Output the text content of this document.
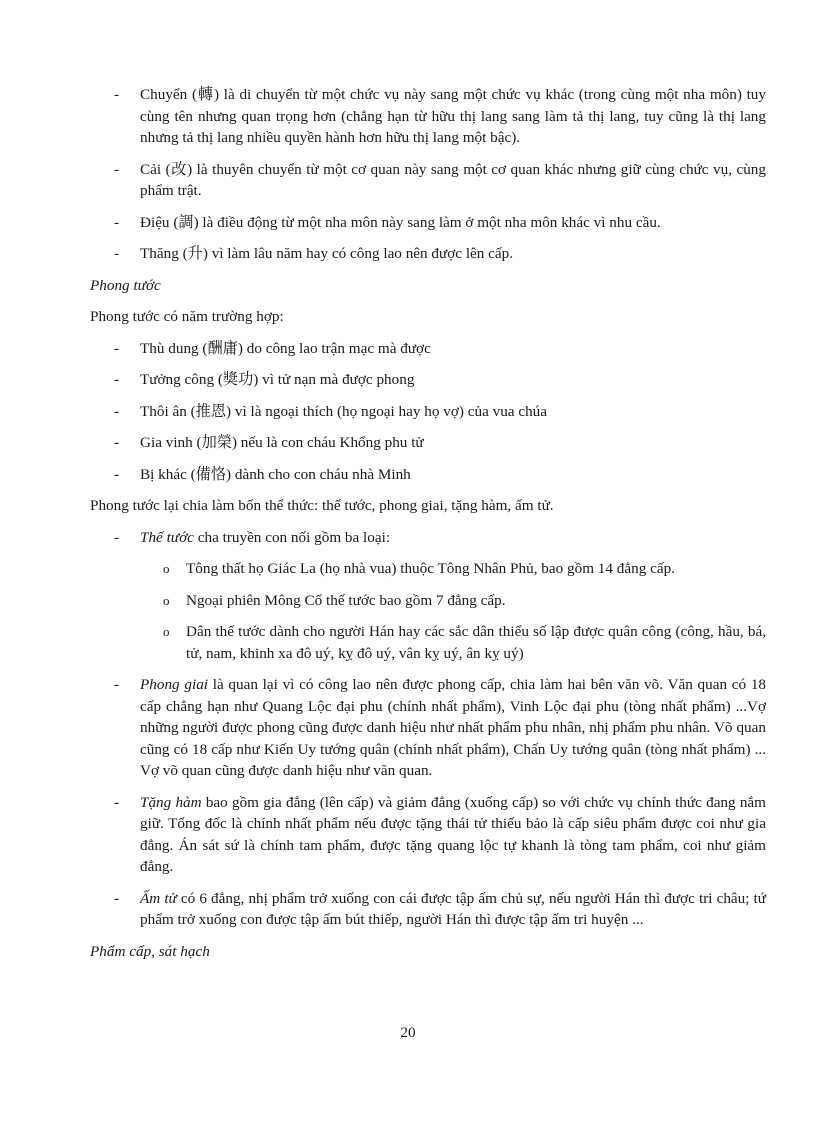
- Chuyển (轉) là di chuyển từ một chức vụ này sang một chức vụ khác (trong cùng một nha môn) tuy cùng tên nhưng quan trọng hơn (chẳng hạn từ hữu thị lang sang làm tả thị lang, tuy cũng là thị lang nhưng tả thị lang nhiều quyền hành hơn hữu thị lang một bậc).
- Cải (改) là thuyên chuyển từ một cơ quan này sang một cơ quan khác nhưng giữ cùng chức vụ, cùng phẩm trật.
- Điệu (調) là điều động từ một nha môn này sang làm ở một nha môn khác vì nhu cầu.
- Thăng (升) vì làm lâu năm hay có công lao nên được lên cấp.
Phong tước
Phong tước có năm trường hợp:
- Thù dung (酬庸) do công lao trận mạc mà được
- Tưởng công (獎功) vì tử nạn mà được phong
- Thôi ân (推恩) vì là ngoại thích (họ ngoại hay họ vợ) của vua chúa
- Gia vinh (加榮) nếu là con cháu Khổng phu tử
- Bị khác (備恪) dành cho con cháu nhà Minh
Phong tước lại chia làm bốn thể thức: thế tước, phong giai, tặng hàm, ấm tử.
- Thế tước cha truyền con nối gồm ba loại:
o Tông thất họ Giác La (họ nhà vua) thuộc Tông Nhân Phủ, bao gồm 14 đẳng cấp.
o Ngoại phiên Mông Cổ thế tước bao gồm 7 đẳng cấp.
o Dân thế tước dành cho người Hán hay các sắc dân thiểu số lập được quân công (công, hầu, bá, tử, nam, khinh xa đô uý, kỵ đô uý, vân kỵ uý, ân kỵ uý)
- Phong giai là quan lại vì có công lao nên được phong cấp, chia làm hai bên văn võ. Văn quan có 18 cấp chẳng hạn như Quang Lộc đại phu (chính nhất phẩm), Vinh Lộc đại phu (tòng nhất phẩm) ...Vợ những người được phong cũng được danh hiệu như nhất phẩm phu nhân, nhị phẩm phu nhân. Võ quan cũng có 18 cấp như Kiến Uy tướng quân (chính nhất phẩm), Chấn Uy tướng quân (tòng nhất phẩm) ... Vợ võ quan cũng được danh hiệu như văn quan.
- Tặng hàm bao gồm gia đẳng (lên cấp) và giảm đẳng (xuống cấp) so với chức vụ chính thức đang nắm giữ. Tổng đốc là chính nhất phẩm nếu được tặng thái tử thiếu bảo là cấp siêu phẩm được coi như gia đẳng. Án sát sứ là chính tam phẩm, được tặng quang lộc tự khanh là tòng tam phẩm, coi như giảm đẳng.
- Ấm tử có 6 đẳng, nhị phẩm trở xuống con cái được tập ấm chủ sự, nếu người Hán thì được tri châu; tứ phẩm trở xuống con được tập ấm bút thiếp, người Hán thì được tập ấm tri huyện ...
Phẩm cấp, sát hạch
20
